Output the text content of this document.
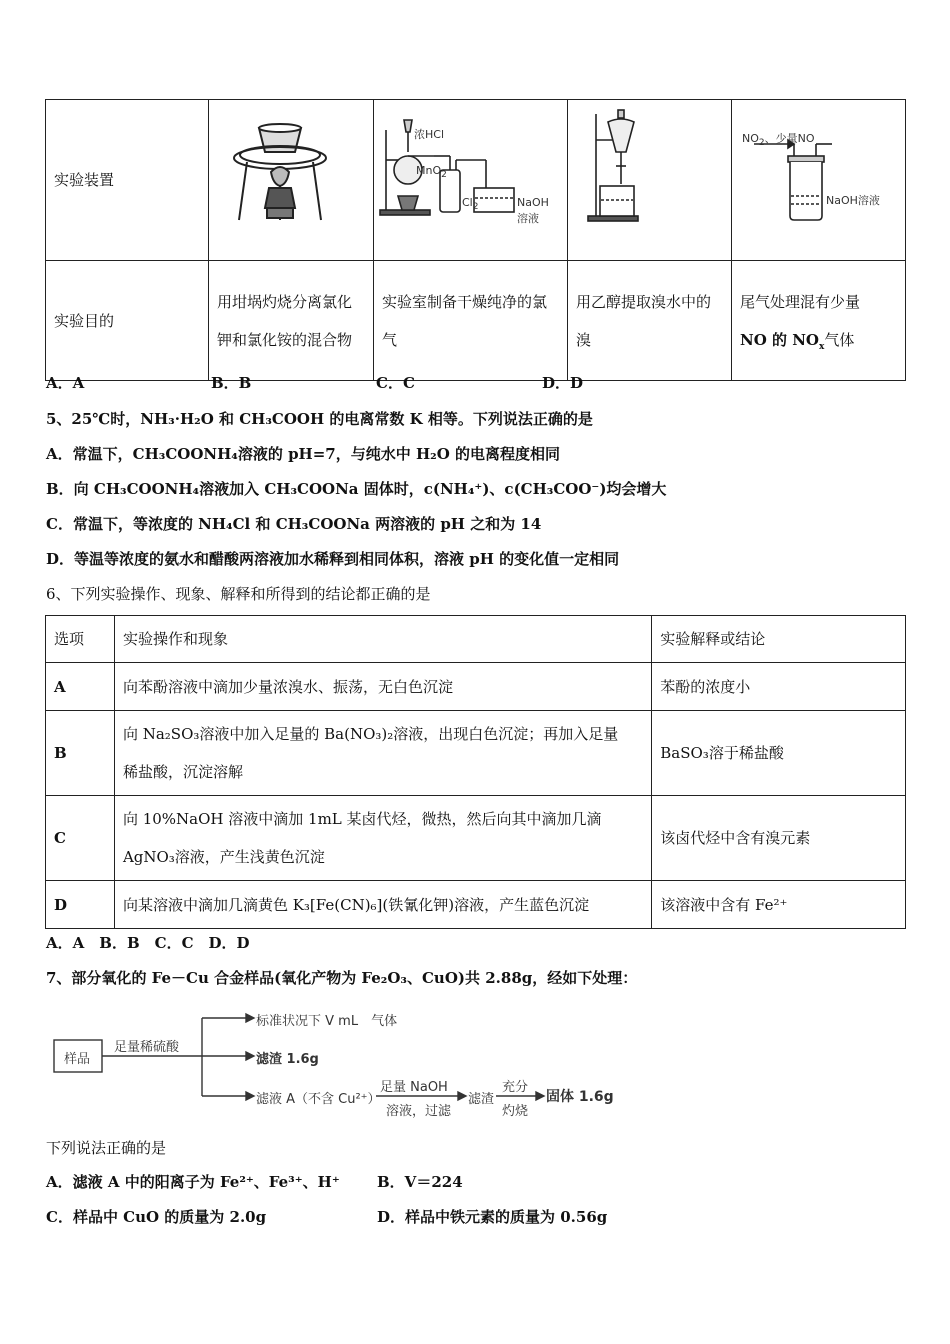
实验装置		浓HCl
MnO$_2$
$Cl_2$ NaOH
溶液		$NO_2$、少量NO
NaOH溶液

实验目的	用坩埚灼烧分离氯化钾和氯化铵的混合物	实验室制备干燥纯净的氯气	用乙醇提取溴水中的溴	尾气处理混有少量
NO 的 $NO_x$气体
A．A	B．B	C．C	D．D
5、25℃时，NH₃·H₂O 和 CH₃COOH 的电离常数 K 相等。下列说法正确的是
A．常温下，CH₃COONH₄溶液的 pH=7，与纯水中 H₂O 的电离程度相同
B．向 CH₃COONH₄溶液加入 CH₃COONa 固体时，c(NH₄⁺)、c(CH₃COO⁻)均会增大
C．常温下，等浓度的 NH₄Cl 和 CH₃COONa 两溶液的 pH 之和为 14
D．等温等浓度的氨水和醋酸两溶液加水稀释到相同体积，溶液 pH 的变化值一定相同
6、下列实验操作、现象、解释和所得到的结论都正确的是
选项	实验操作和现象	实验解释或结论
A	向苯酚溶液中滴加少量浓溴水、振荡，无白色沉淀	苯酚的浓度小
B	向 Na₂SO₃溶液中加入足量的 Ba(NO₃)₂溶液，出现白色沉淀；再加入足量
稀盐酸，沉淀溶解	BaSO₃溶于稀盐酸
C	向 10%NaOH 溶液中滴加 1mL 某卤代烃，微热，然后向其中滴加几滴
AgNO₃溶液，产生浅黄色沉淀	该卤代烃中含有溴元素
D	向某溶液中滴加几滴黄色 K₃[Fe(CN)₆](铁氰化钾)溶液，产生蓝色沉淀	该溶液中含有 Fe²⁺
A．A　B．B　C．C　D．D
7、部分氧化的 Fe－Cu 合金样品(氧化产物为 Fe₂O₃、CuO)共 2.88g，经如下处理：
样品
足量稀硫酸
标准状况下 V mL　气体
滤渣 1.6g
滤液 A（不含 Cu²⁺）
足量 NaOH
溶液，过滤
滤渣
充分
灼烧
固体 1.6g
下列说法正确的是
A．滤液 A 中的阳离子为 Fe²⁺、Fe³⁺、H⁺ B．V＝224
C．样品中 CuO 的质量为 2.0g	D．样品中铁元素的质量为 0.56g
